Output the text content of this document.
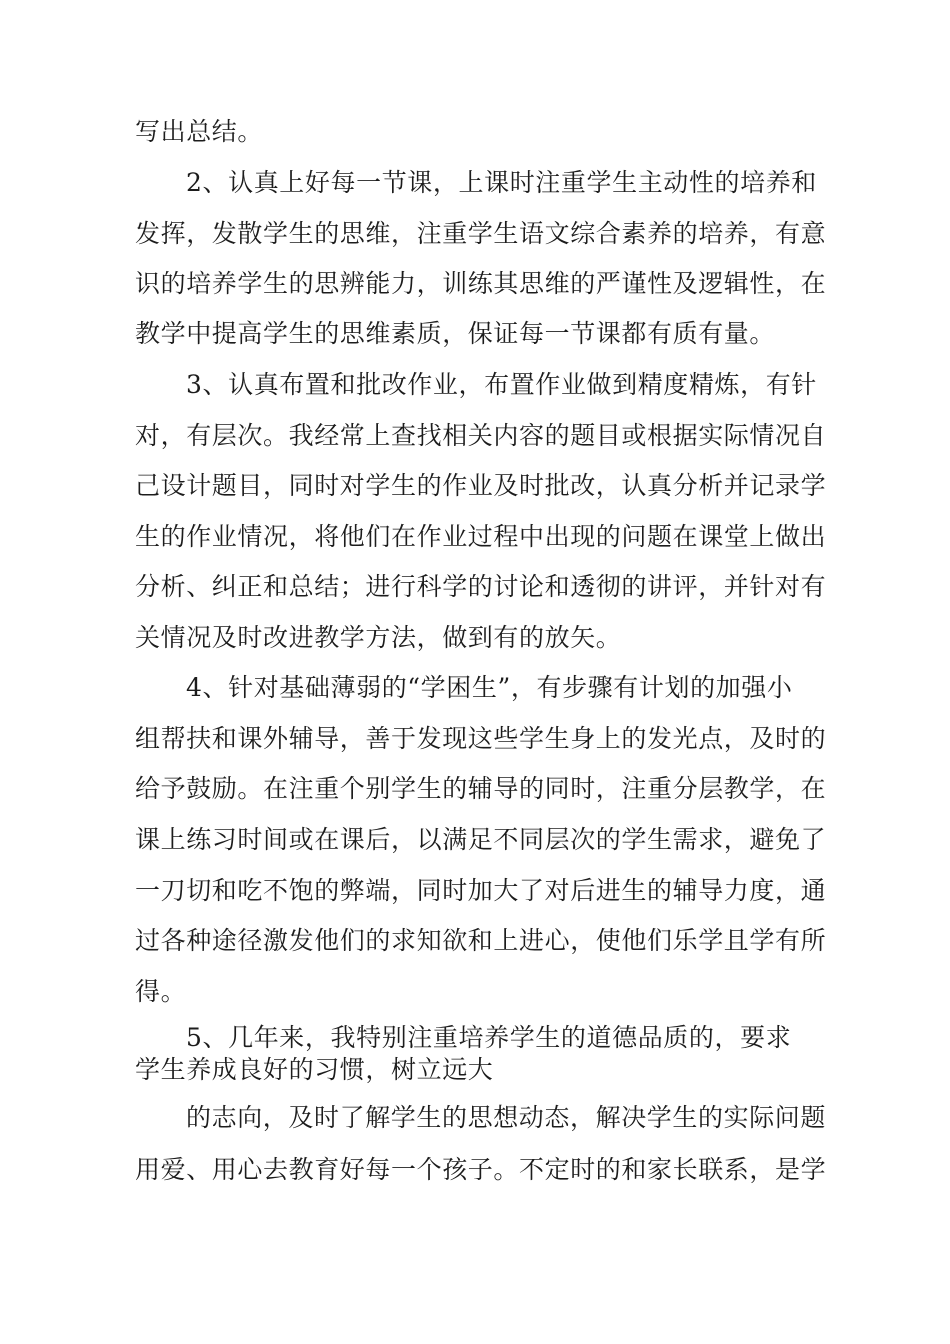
写出总结。
2、认真上好每一节课，上课时注重学生主动性的培养和
发挥，发散学生的思维，注重学生语文综合素养的培养，有意
识的培养学生的思辨能力，训练其思维的严谨性及逻辑性，在
教学中提高学生的思维素质，保证每一节课都有质有量。
3、认真布置和批改作业，布置作业做到精度精炼，有针
对，有层次。我经常上查找相关内容的题目或根据实际情况自
己设计题目，同时对学生的作业及时批改，认真分析并记录学
生的作业情况，将他们在作业过程中出现的问题在课堂上做出
分析、纠正和总结；进行科学的讨论和透彻的讲评，并针对有
关情况及时改进教学方法，做到有的放矢。
4、针对基础薄弱的“学困生”，有步骤有计划的加强小
组帮扶和课外辅导，善于发现这些学生身上的发光点，及时的
给予鼓励。在注重个别学生的辅导的同时，注重分层教学，在
课上练习时间或在课后，以满足不同层次的学生需求，避免了
一刀切和吃不饱的弊端，同时加大了对后进生的辅导力度，通
过各种途径激发他们的求知欲和上进心，使他们乐学且学有所
得。
5、几年来，我特别注重培养学生的道德品质的，要求
学生养成良好的习惯，树立远大
的志向，及时了解学生的思想动态，解决学生的实际问题
用爱、用心去教育好每一个孩子。不定时的和家长联系，是学
